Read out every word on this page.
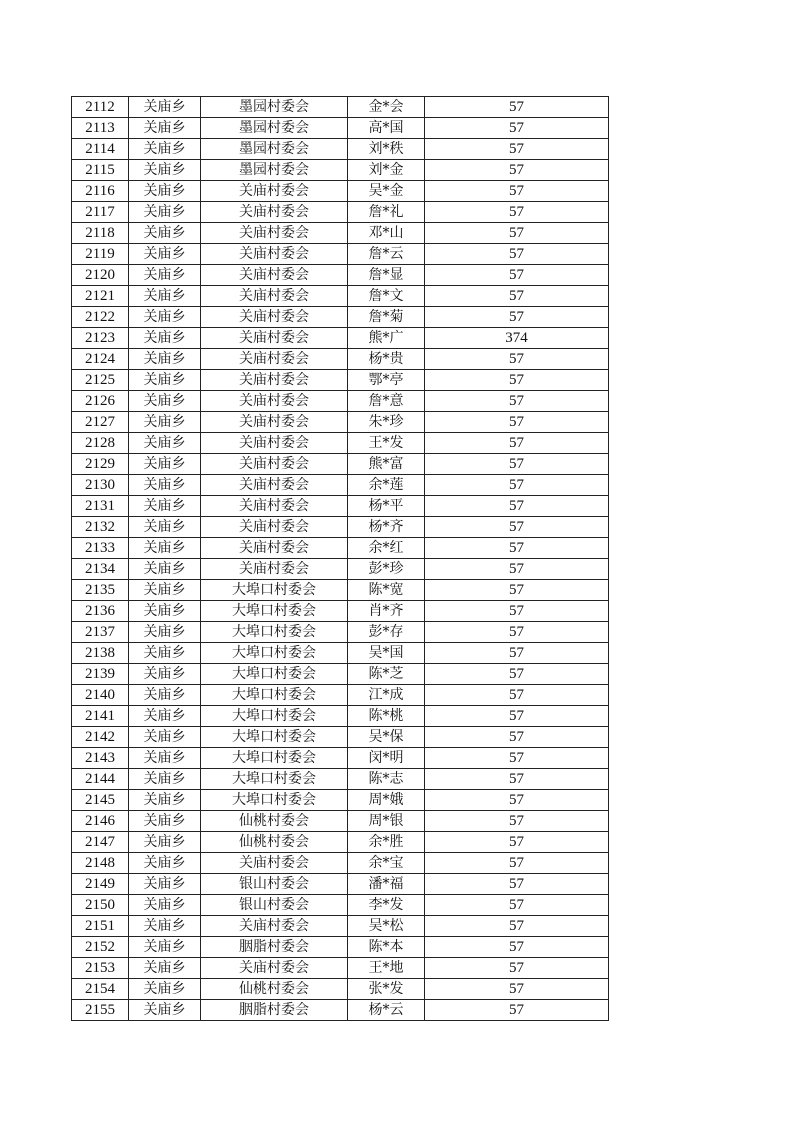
2112	关庙乡	墨园村委会	金*会	57
2113	关庙乡	墨园村委会	高*国	57
2114	关庙乡	墨园村委会	刘*秩	57
2115	关庙乡	墨园村委会	刘*金	57
2116	关庙乡	关庙村委会	吴*金	57
2117	关庙乡	关庙村委会	詹*礼	57
2118	关庙乡	关庙村委会	邓*山	57
2119	关庙乡	关庙村委会	詹*云	57
2120	关庙乡	关庙村委会	詹*显	57
2121	关庙乡	关庙村委会	詹*文	57
2122	关庙乡	关庙村委会	詹*菊	57
2123	关庙乡	关庙村委会	熊*广	374
2124	关庙乡	关庙村委会	杨*贵	57
2125	关庙乡	关庙村委会	鄂*亭	57
2126	关庙乡	关庙村委会	詹*意	57
2127	关庙乡	关庙村委会	朱*珍	57
2128	关庙乡	关庙村委会	王*发	57
2129	关庙乡	关庙村委会	熊*富	57
2130	关庙乡	关庙村委会	余*莲	57
2131	关庙乡	关庙村委会	杨*平	57
2132	关庙乡	关庙村委会	杨*齐	57
2133	关庙乡	关庙村委会	余*红	57
2134	关庙乡	关庙村委会	彭*珍	57
2135	关庙乡	大埠口村委会	陈*宽	57
2136	关庙乡	大埠口村委会	肖*齐	57
2137	关庙乡	大埠口村委会	彭*存	57
2138	关庙乡	大埠口村委会	吴*国	57
2139	关庙乡	大埠口村委会	陈*芝	57
2140	关庙乡	大埠口村委会	江*成	57
2141	关庙乡	大埠口村委会	陈*桃	57
2142	关庙乡	大埠口村委会	吴*保	57
2143	关庙乡	大埠口村委会	闵*明	57
2144	关庙乡	大埠口村委会	陈*志	57
2145	关庙乡	大埠口村委会	周*娥	57
2146	关庙乡	仙桃村委会	周*银	57
2147	关庙乡	仙桃村委会	余*胜	57
2148	关庙乡	关庙村委会	余*宝	57
2149	关庙乡	银山村委会	潘*福	57
2150	关庙乡	银山村委会	李*发	57
2151	关庙乡	关庙村委会	吴*松	57
2152	关庙乡	胭脂村委会	陈*本	57
2153	关庙乡	关庙村委会	王*地	57
2154	关庙乡	仙桃村委会	张*发	57
2155	关庙乡	胭脂村委会	杨*云	57
